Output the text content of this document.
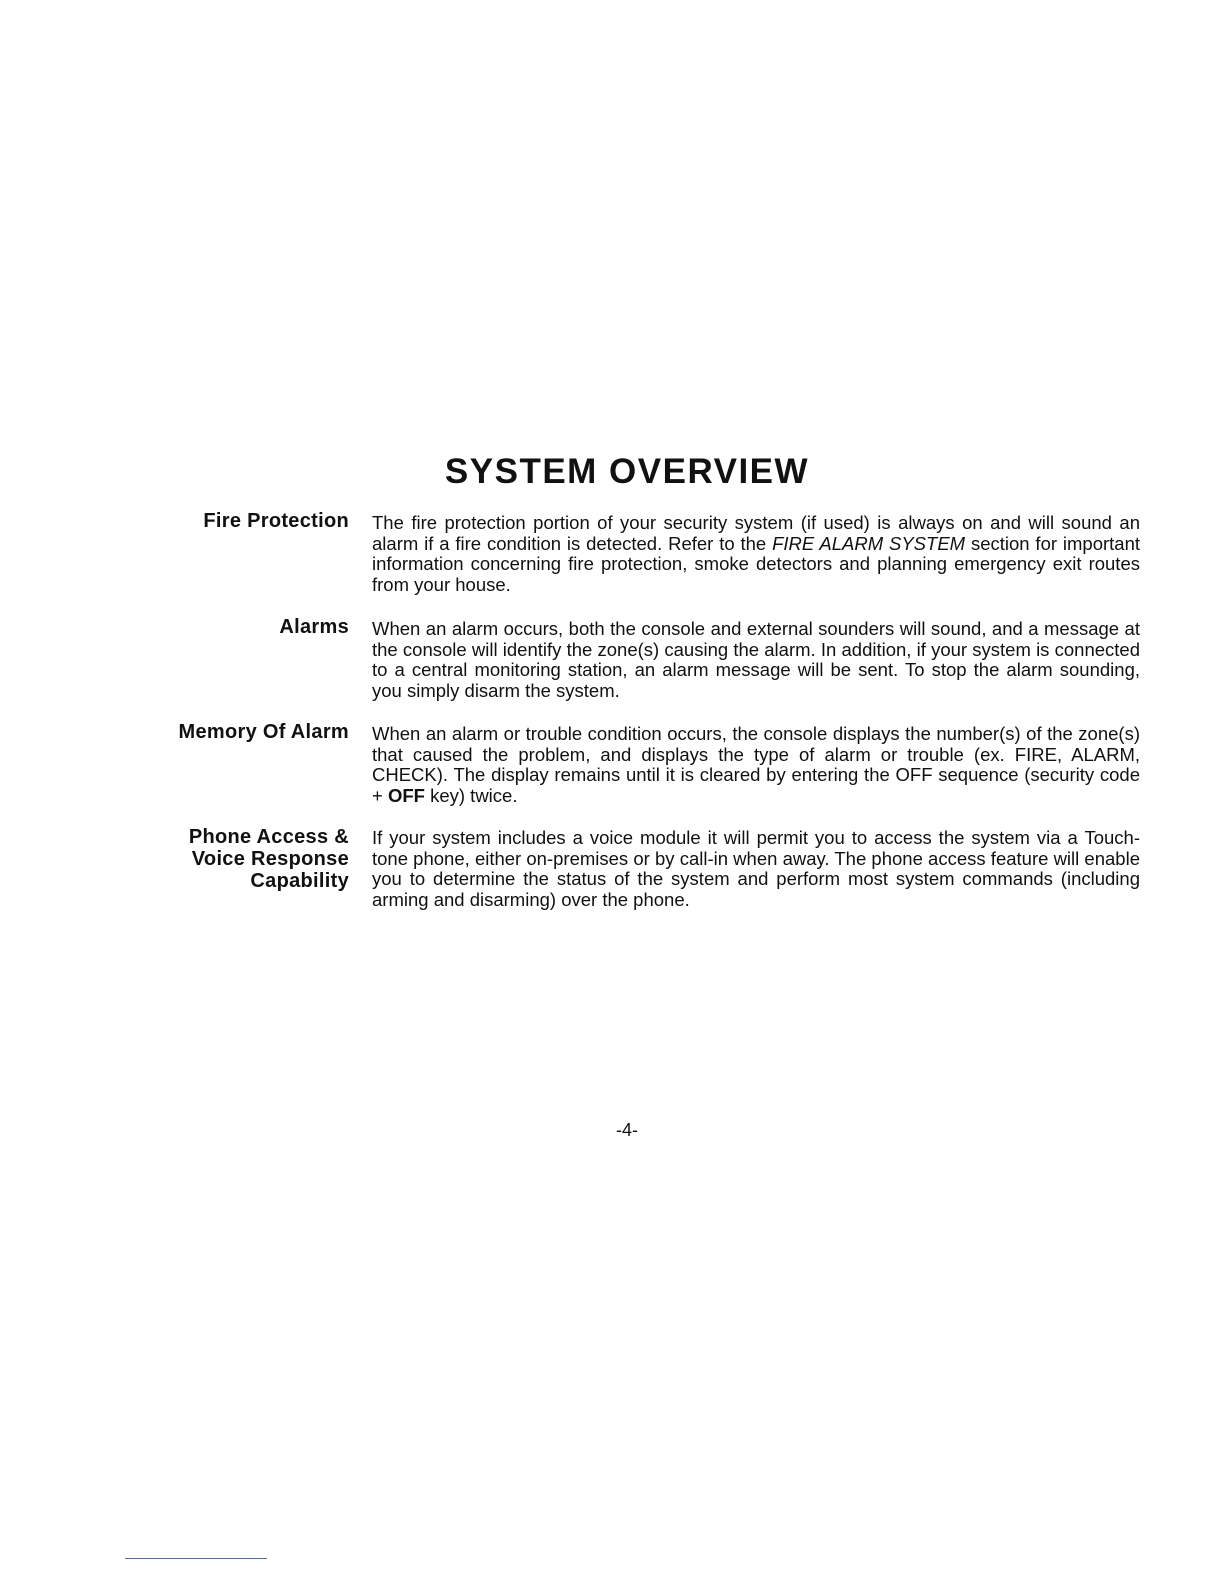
SYSTEM OVERVIEW
Fire Protection The fire protection portion of your security system (if used) is always on and will sound an alarm if a fire condition is detected. Refer to the FIRE ALARM SYSTEM section for important information concerning fire protection, smoke detectors and planning emergency exit routes from your house.

Alarms When an alarm occurs, both the console and external sounders will sound, and a message at the console will identify the zone(s) causing the alarm. In addition, if your system is connected to a central monitoring station, an alarm message will be sent. To stop the alarm sounding, you simply disarm the system.

Memory Of Alarm When an alarm or trouble condition occurs, the console displays the number(s) of the zone(s) that caused the problem, and displays the type of alarm or trouble (ex. FIRE, ALARM, CHECK). The display remains until it is cleared by entering the OFF sequence (security code + OFF key) twice.

Phone Access &
Voice Response
Capability

If your system includes a voice module it will permit you to access the system via a Touch-tone phone, either on-premises or by call-in when away. The phone access feature will enable you to determine the status of the system and perform most system commands (including arming and disarming) over the phone.

-4-
